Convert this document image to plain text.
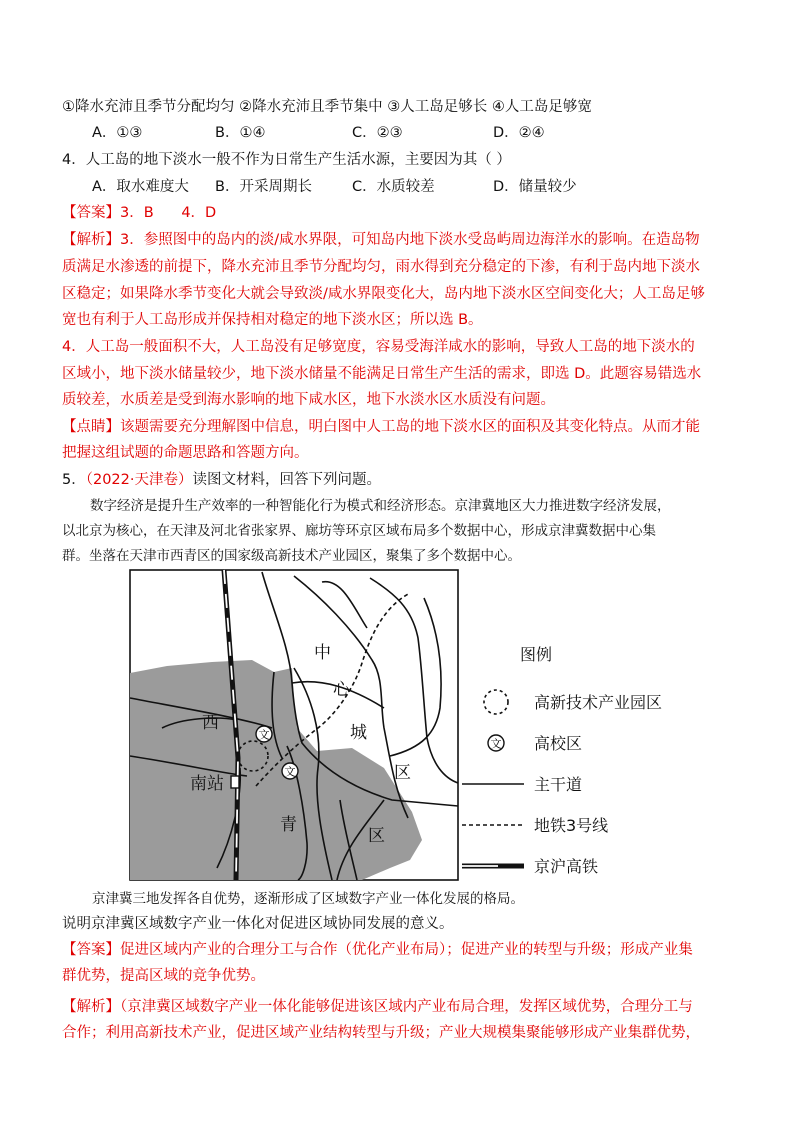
①降水充沛且季节分配均匀 ②降水充沛且季节集中 ③人工岛足够长 ④人工岛足够宽
A．①③	B．①④	C．②③	D．②④
4．人工岛的地下淡水一般不作为日常生产生活水源，主要因为其（ ）
A．取水难度大 B．开采周期长	C．水质较差	D．储量较少
【答案】3．B      4．D
【解析】3．参照图中的岛内的淡/咸水界限，可知岛内地下淡水受岛屿周边海洋水的影响。在造岛物
质满足水渗透的前提下，降水充沛且季节分配均匀，雨水得到充分稳定的下渗，有利于岛内地下淡水
区稳定；如果降水季节变化大就会导致淡/咸水界限变化大，岛内地下淡水区空间变化大；人工岛足够
宽也有利于人工岛形成并保持相对稳定的地下淡水区；所以选 B。
4．人工岛一般面积不大，人工岛没有足够宽度，容易受海洋咸水的影响，导致人工岛的地下淡水的
区域小，地下淡水储量较少，地下淡水储量不能满足日常生产生活的需求，即选 D。此题容易错选水
质较差，水质差是受到海水影响的地下咸水区，地下水淡水区水质没有问题。
【点睛】该题需要充分理解图中信息，明白图中人工岛的地下淡水区的面积及其变化特点。从而才能
把握这组试题的命题思路和答题方向。
5．（2022·天津卷）读图文材料，回答下列问题。
数字经济是提升生产效率的一种智能化行为模式和经济形态。京津冀地区大力推进数字经济发展，
以北京为核心，在天津及河北省张家界、廊坊等环京区域布局多个数据中心，形成京津冀数据中心集
群。坐落在天津市西青区的国家级高新技术产业园区，聚集了多个数据中心。
文
文
西
青
区
中
心
城
区
南站
图例
高新技术产业园区
文 高校区
主干道
地铁3号线
京沪高铁
京津冀三地发挥各自优势，逐渐形成了区域数字产业一体化发展的格局。
说明京津冀区域数字产业一体化对促进区域协同发展的意义。
【答案】促进区域内产业的合理分工与合作（优化产业布局）；促进产业的转型与升级；形成产业集
群优势，提高区域的竞争优势。
【解析】（京津冀区域数字产业一体化能够促进该区域内产业布局合理，发挥区域优势，合理分工与
合作；利用高新技术产业，促进区域产业结构转型与升级；产业大规模集聚能够形成产业集群优势，
